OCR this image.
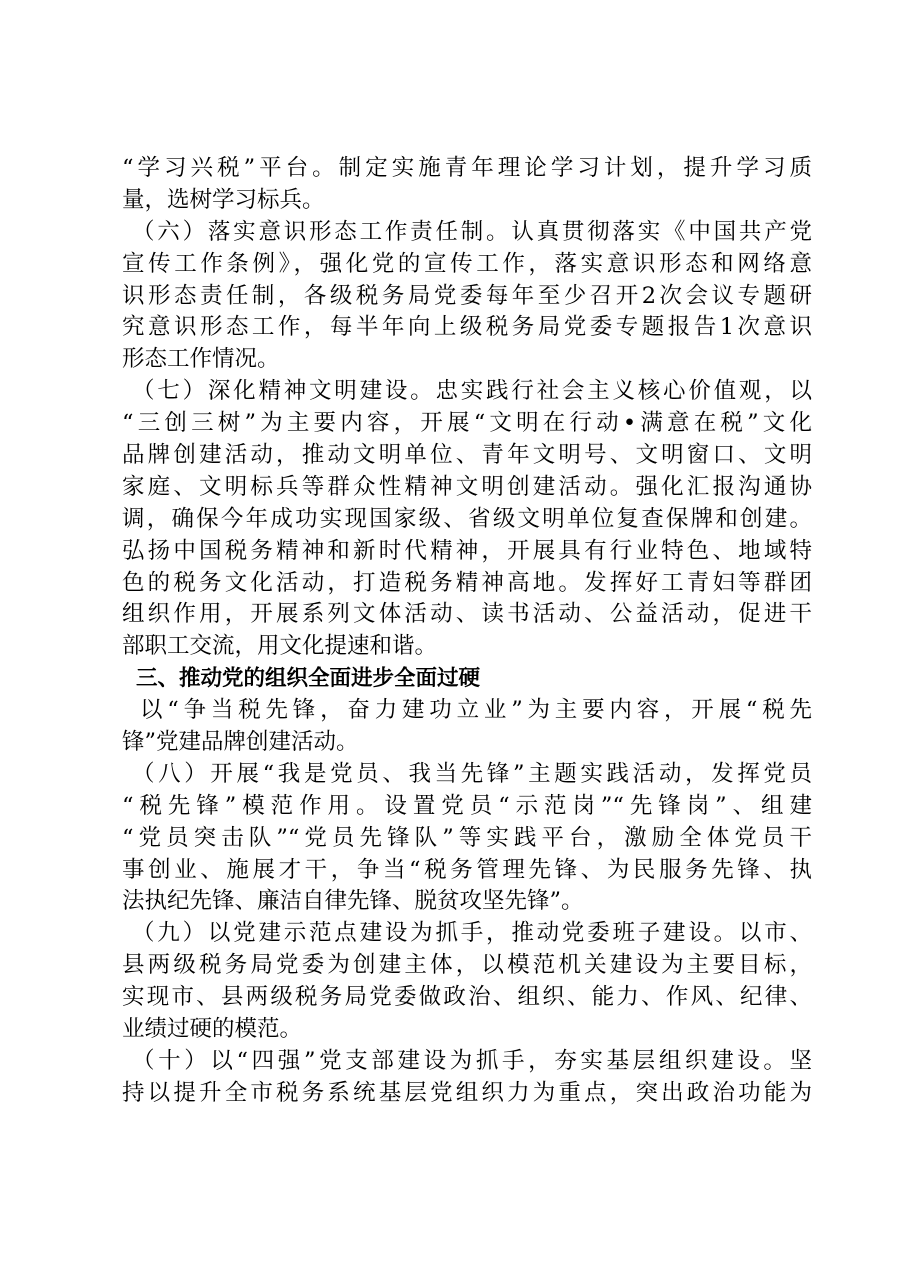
“学习兴税”平台。制定实施青年理论学习计划，提升学习质
量，选树学习标兵。
（六）落实意识形态工作责任制。认真贯彻落实《中国共产党
宣传工作条例》，强化党的宣传工作，落实意识形态和网络意
识形态责任制，各级税务局党委每年至少召开2次会议专题研
究意识形态工作，每半年向上级税务局党委专题报告1次意识
形态工作情况。
（七）深化精神文明建设。忠实践行社会主义核心价值观，以
“三创三树”为主要内容，开展“文明在行动•满意在税”文化
品牌创建活动，推动文明单位、青年文明号、文明窗口、文明
家庭、文明标兵等群众性精神文明创建活动。强化汇报沟通协
调，确保今年成功实现国家级、省级文明单位复查保牌和创建。
弘扬中国税务精神和新时代精神，开展具有行业特色、地域特
色的税务文化活动，打造税务精神高地。发挥好工青妇等群团
组织作用，开展系列文体活动、读书活动、公益活动，促进干
部职工交流，用文化提速和谐。
三、推动党的组织全面进步全面过硬
以“争当税先锋，奋力建功立业”为主要内容，开展“税先
锋”党建品牌创建活动。
（八）开展“我是党员、我当先锋”主题实践活动，发挥党员
“税先锋”模范作用。设置党员“示范岗”“先锋岗”、组建
“党员突击队”“党员先锋队”等实践平台，激励全体党员干
事创业、施展才干，争当“税务管理先锋、为民服务先锋、执
法执纪先锋、廉洁自律先锋、脱贫攻坚先锋”。
（九）以党建示范点建设为抓手，推动党委班子建设。以市、
县两级税务局党委为创建主体，以模范机关建设为主要目标，
实现市、县两级税务局党委做政治、组织、能力、作风、纪律、
业绩过硬的模范。
（十）以“四强”党支部建设为抓手，夯实基层组织建设。坚
持以提升全市税务系统基层党组织力为重点，突出政治功能为
